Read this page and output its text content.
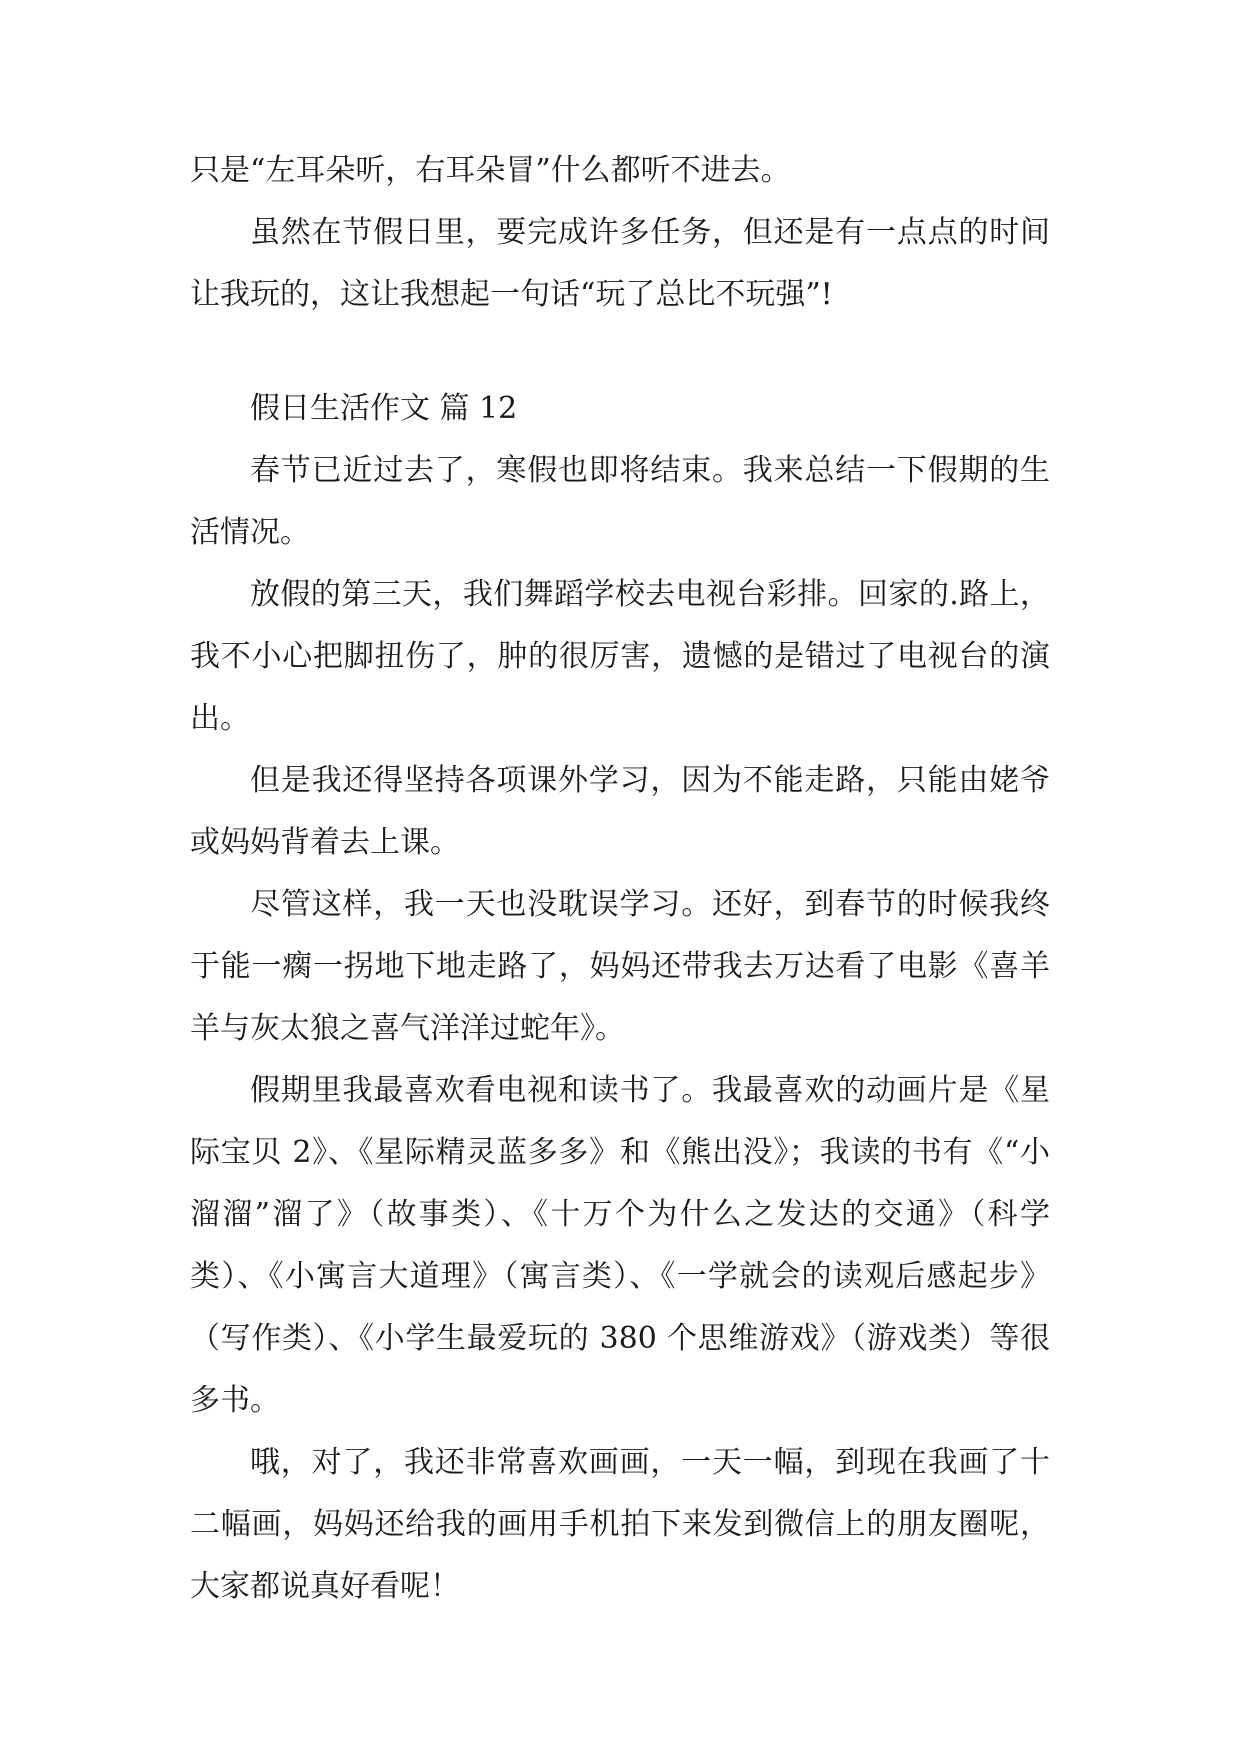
只是“左耳朵听，右耳朵冒”什么都听不进去。

虽然在节假日里，要完成许多任务，但还是有一点点的时间让我玩的，这让我想起一句话“玩了总比不玩强”!

假日生活作文 篇 12

春节已近过去了，寒假也即将结束。我来总结一下假期的生活情况。

放假的第三天，我们舞蹈学校去电视台彩排。回家的.路上，我不小心把脚扭伤了，肿的很厉害，遗憾的是错过了电视台的演出。

但是我还得坚持各项课外学习，因为不能走路，只能由姥爷或妈妈背着去上课。

尽管这样，我一天也没耽误学习。还好，到春节的时候我终于能一瘸一拐地下地走路了，妈妈还带我去万达看了电影《喜羊羊与灰太狼之喜气洋洋过蛇年》。

假期里我最喜欢看电视和读书了。我最喜欢的动画片是《星际宝贝 2》、《星际精灵蓝多多》和《熊出没》；我读的书有《“小溜溜”溜了》（故事类）、《十万个为什么之发达的交通》（科学类）、《小寓言大道理》（寓言类）、《一学就会的读观后感起步》（写作类）、《小学生最爱玩的 380 个思维游戏》（游戏类）等很多书。

哦，对了，我还非常喜欢画画，一天一幅，到现在我画了十二幅画，妈妈还给我的画用手机拍下来发到微信上的朋友圈呢，大家都说真好看呢！
